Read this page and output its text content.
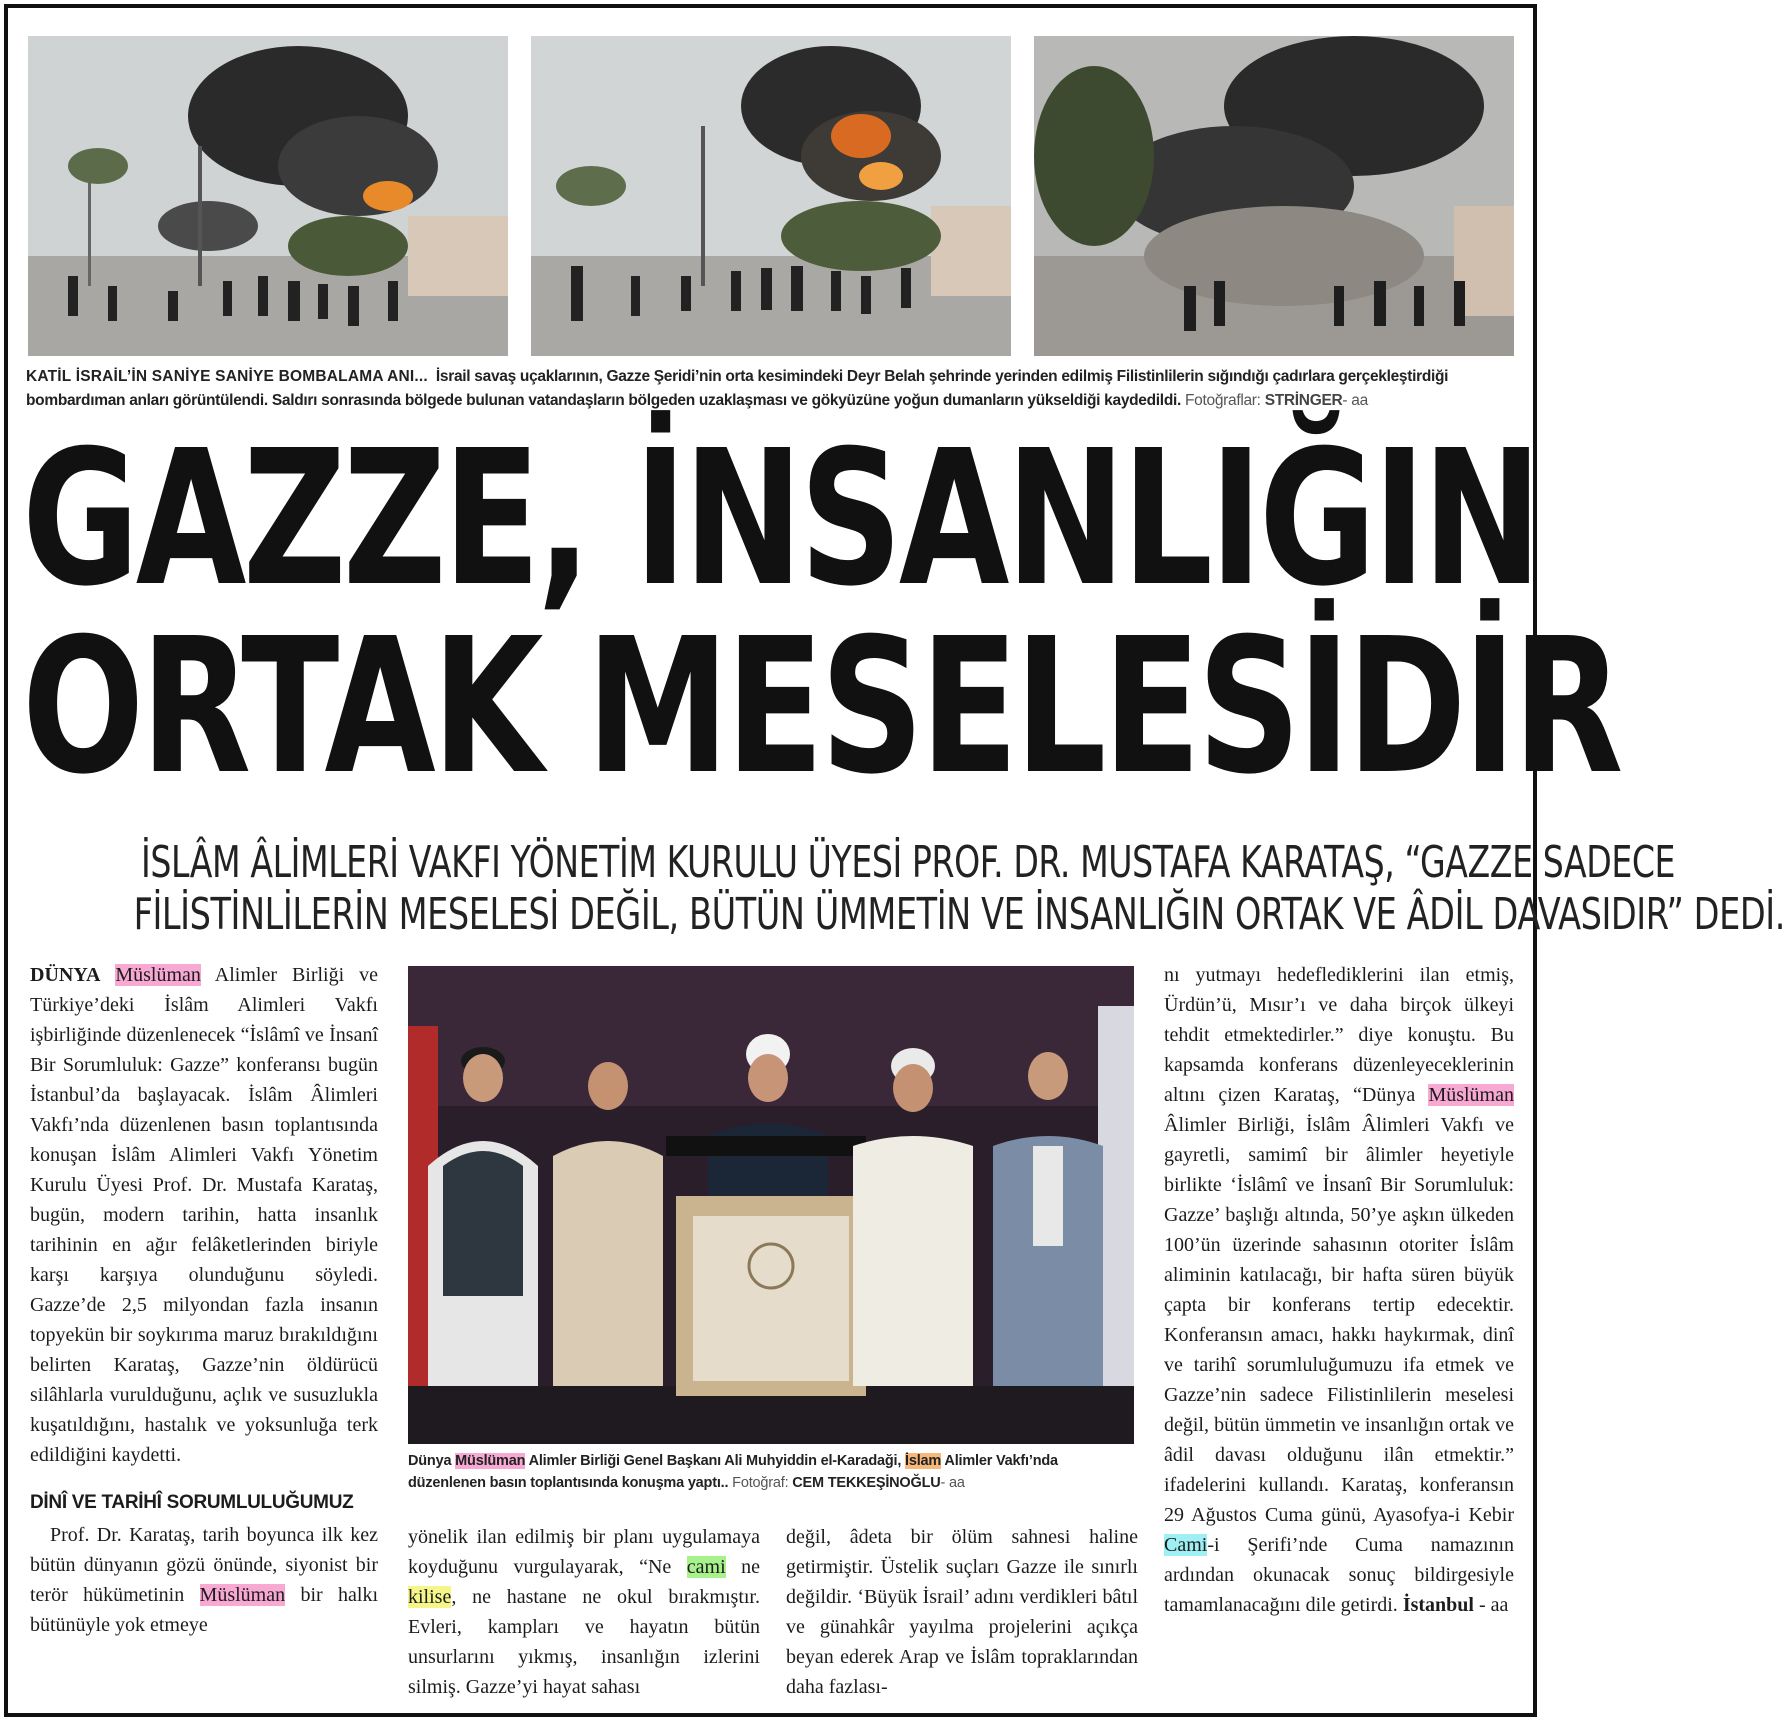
KATİL İSRAİL’İN SANİYE SANİYE BOMBALAMA ANI... İsrail savaş uçaklarının, Gazze Şeridi’nin orta kesimindeki Deyr Belah şehrinde yerinden edilmiş Filistinlilerin sığındığı çadırlara gerçekleştirdiği bombardıman anları görüntülendi. Saldırı sonrasında bölgede bulunan vatandaşların bölgeden uzaklaşması ve gökyüzüne yoğun dumanların yükseldiği kaydedildi. Fotoğraflar: STRİNGER- aa
GAZZE, İNSANLIĞIN
ORTAK MESELESİDİR
İSLÂM ÂLİMLERİ VAKFI YÖNETİM KURULU ÜYESİ PROF. DR. MUSTAFA KARATAŞ, “GAZZE SADECE
FİLİSTİNLİLERİN MESELESİ DEĞİL, BÜTÜN ÜMMETİN VE İNSANLIĞIN ORTAK VE ÂDİL DAVASIDIR” DEDİ.

DÜNYA Müslüman Alimler Birliği ve Türkiye’deki İslâm Alimleri Vakfı işbirliğinde düzenlenecek “İslâmî ve İnsanî Bir Sorumluluk: Gazze” konferansı bugün İstanbul’da başlayacak. İslâm Âlimleri Vakfı’nda düzenlenen basın toplantısında konuşan İslâm Alimleri Vakfı Yönetim Kurulu Üyesi Prof. Dr. Mustafa Karataş, bugün, modern tarihin, hatta insanlık tarihinin en ağır felâketlerinden biriyle karşı karşıya olunduğunu söyledi. Gazze’de 2,5 milyondan fazla insanın topyekün bir soykırıma maruz bırakıldığını belirten Karataş, Gazze’nin öldürücü silâhlarla vurulduğunu, açlık ve susuzlukla kuşatıldığını, hastalık ve yoksunluğa terk edildiğini kaydetti.

DİNÎ VE TARİHÎ SORUMLULUĞUMUZ

Prof. Dr. Karataş, tarih boyunca ilk kez bütün dünyanın gözü önünde, siyonist bir terör hükümetinin Müslüman bir halkı bütünüyle yok etmeye

Dünya Müslüman Alimler Birliği Genel Başkanı Ali Muhyiddin el-Karadaği, İslam Alimler Vakfı’nda düzenlenen basın toplantısında konuşma yaptı.. Fotoğraf: CEM TEKKEŞİNOĞLU- aa

yönelik ilan edilmiş bir planı uygulamaya koyduğunu vurgulayarak, “Ne cami ne kilise, ne hastane ne okul bırakmıştır. Evleri, kampları ve hayatın bütün unsurlarını yıkmış, insanlığın izlerini silmiş. Gazze’yi hayat sahası

değil, âdeta bir ölüm sahnesi haline getirmiştir. Üstelik suçları Gazze ile sınırlı değildir. ‘Büyük İsrail’ adını verdikleri bâtıl ve günahkâr yayılma projelerini açıkça beyan ederek Arap ve İslâm topraklarından daha fazlası-

nı yutmayı hedeflediklerini ilan etmiş, Ürdün’ü, Mısır’ı ve daha birçok ülkeyi tehdit etmektedirler.” diye konuştu. Bu kapsamda konferans düzenleyeceklerinin altını çizen Karataş, “Dünya Müslüman Âlimler Birliği, İslâm Âlimleri Vakfı ve gayretli, samimî bir âlimler heyetiyle birlikte ‘İslâmî ve İnsanî Bir Sorumluluk: Gazze’ başlığı altında, 50’ye aşkın ülkeden 100’ün üzerinde sahasının otoriter İslâm aliminin katılacağı, bir hafta süren büyük çapta bir konferans tertip edecektir. Konferansın amacı, hakkı haykırmak, dinî ve tarihî sorumluluğumuzu ifa etmek ve Gazze’nin sadece Filistinlilerin meselesi değil, bütün ümmetin ve insanlığın ortak ve âdil davası olduğunu ilân etmektir.” ifadelerini kullandı. Karataş, konferansın 29 Ağustos Cuma günü, Ayasofya-i Kebir Cami-i Şerifi’nde Cuma namazının ardından okunacak sonuç bildirgesiyle tamamlanacağını dile getirdi. İstanbul - aa
